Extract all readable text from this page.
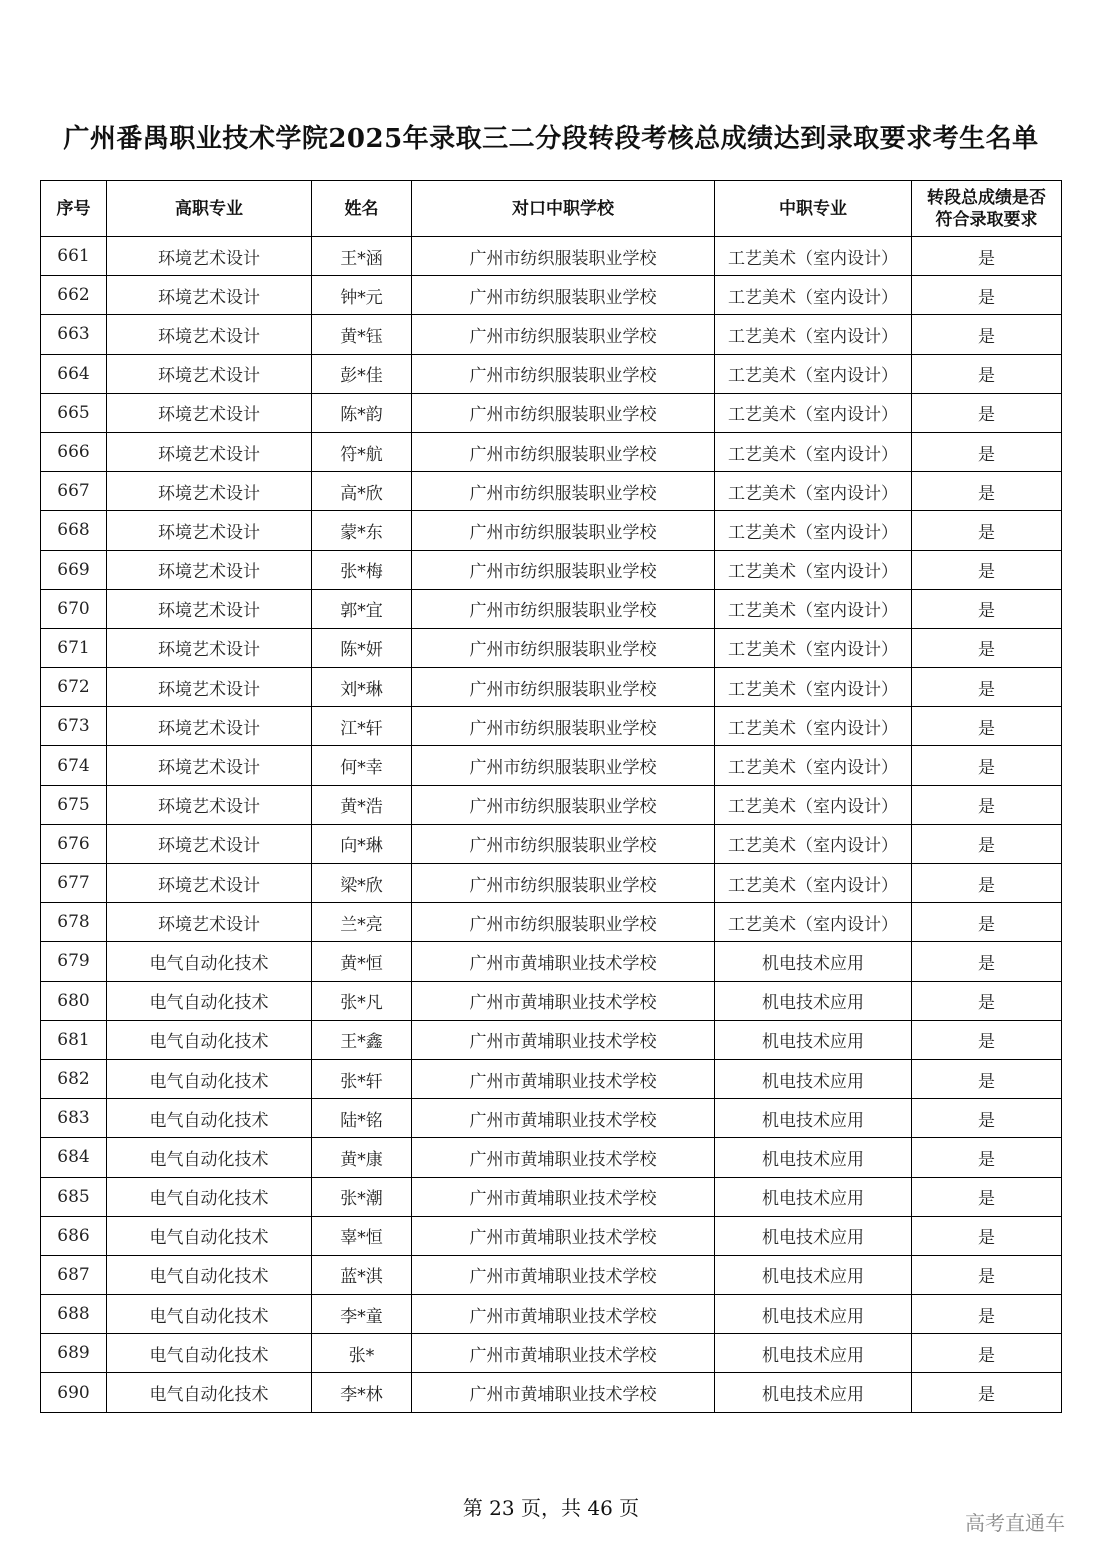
广州番禺职业技术学院2025年录取三二分段转段考核总成绩达到录取要求考生名单
序号	高职专业	姓名	对口中职学校	中职专业	转段总成绩是否符合录取要求
661	环境艺术设计	王*涵	广州市纺织服装职业学校	工艺美术（室内设计）	是
662	环境艺术设计	钟*元	广州市纺织服装职业学校	工艺美术（室内设计）	是
663	环境艺术设计	黄*钰	广州市纺织服装职业学校	工艺美术（室内设计）	是
664	环境艺术设计	彭*佳	广州市纺织服装职业学校	工艺美术（室内设计）	是
665	环境艺术设计	陈*韵	广州市纺织服装职业学校	工艺美术（室内设计）	是
666	环境艺术设计	符*航	广州市纺织服装职业学校	工艺美术（室内设计）	是
667	环境艺术设计	高*欣	广州市纺织服装职业学校	工艺美术（室内设计）	是
668	环境艺术设计	蒙*东	广州市纺织服装职业学校	工艺美术（室内设计）	是
669	环境艺术设计	张*梅	广州市纺织服装职业学校	工艺美术（室内设计）	是
670	环境艺术设计	郭*宜	广州市纺织服装职业学校	工艺美术（室内设计）	是
671	环境艺术设计	陈*妍	广州市纺织服装职业学校	工艺美术（室内设计）	是
672	环境艺术设计	刘*琳	广州市纺织服装职业学校	工艺美术（室内设计）	是
673	环境艺术设计	江*轩	广州市纺织服装职业学校	工艺美术（室内设计）	是
674	环境艺术设计	何*幸	广州市纺织服装职业学校	工艺美术（室内设计）	是
675	环境艺术设计	黄*浩	广州市纺织服装职业学校	工艺美术（室内设计）	是
676	环境艺术设计	向*琳	广州市纺织服装职业学校	工艺美术（室内设计）	是
677	环境艺术设计	梁*欣	广州市纺织服装职业学校	工艺美术（室内设计）	是
678	环境艺术设计	兰*亮	广州市纺织服装职业学校	工艺美术（室内设计）	是
679	电气自动化技术	黄*恒	广州市黄埔职业技术学校	机电技术应用	是
680	电气自动化技术	张*凡	广州市黄埔职业技术学校	机电技术应用	是
681	电气自动化技术	王*鑫	广州市黄埔职业技术学校	机电技术应用	是
682	电气自动化技术	张*轩	广州市黄埔职业技术学校	机电技术应用	是
683	电气自动化技术	陆*铭	广州市黄埔职业技术学校	机电技术应用	是
684	电气自动化技术	黄*康	广州市黄埔职业技术学校	机电技术应用	是
685	电气自动化技术	张*潮	广州市黄埔职业技术学校	机电技术应用	是
686	电气自动化技术	辜*恒	广州市黄埔职业技术学校	机电技术应用	是
687	电气自动化技术	蓝*淇	广州市黄埔职业技术学校	机电技术应用	是
688	电气自动化技术	李*童	广州市黄埔职业技术学校	机电技术应用	是
689	电气自动化技术	张*	广州市黄埔职业技术学校	机电技术应用	是
690	电气自动化技术	李*林	广州市黄埔职业技术学校	机电技术应用	是
第 23 页，共 46 页
高考直通车
